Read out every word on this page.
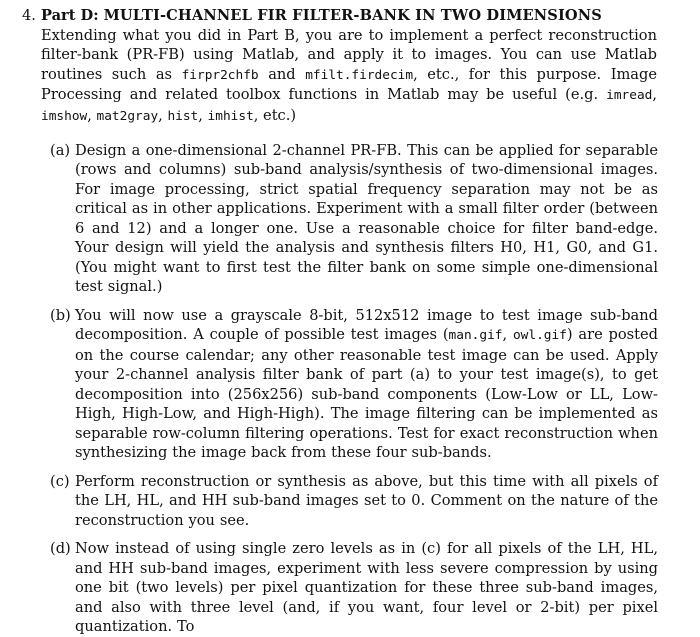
4. Part D: MULTI-CHANNEL FIR FILTER-BANK IN TWO DIMENSIONS

Extending what you did in Part B, you are to implement a perfect reconstruction filter-bank (PR-FB) using Matlab, and apply it to images. You can use Matlab routines such as firpr2chfb and mfilt.firdecim, etc., for this purpose. Image Processing and related toolbox functions in Matlab may be useful (e.g. imread, imshow, mat2gray, hist, imhist, etc.)

(a) Design a one-dimensional 2-channel PR-FB. This can be applied for separable (rows and columns) sub-band analysis/synthesis of two-dimensional images. For image processing, strict spatial frequency separation may not be as critical as in other applications. Experiment with a small filter order (between 6 and 12) and a longer one. Use a reasonable choice for filter band-edge. Your design will yield the analysis and synthesis filters H0, H1, G0, and G1. (You might want to first test the filter bank on some simple one-dimensional test signal.)
(b) You will now use a grayscale 8-bit, 512x512 image to test image sub-band decomposition. A couple of possible test images (man.gif, owl.gif) are posted on the course calendar; any other reasonable test image can be used. Apply your 2-channel analysis filter bank of part (a) to your test image(s), to get decomposition into (256x256) sub-band components (Low-Low or LL, Low-High, High-Low, and High-High). The image filtering can be implemented as separable row-column filtering operations. Test for exact reconstruction when synthesizing the image back from these four sub-bands.
(c) Perform reconstruction or synthesis as above, but this time with all pixels of the LH, HL, and HH sub-band images set to 0. Comment on the nature of the reconstruction you see.
(d) Now instead of using single zero levels as in (c) for all pixels of the LH, HL, and HH sub-band images, experiment with less severe compression by using one bit (two levels) per pixel quantization for these three sub-band images, and also with three level (and, if you want, four level or 2-bit) per pixel quantization. To
